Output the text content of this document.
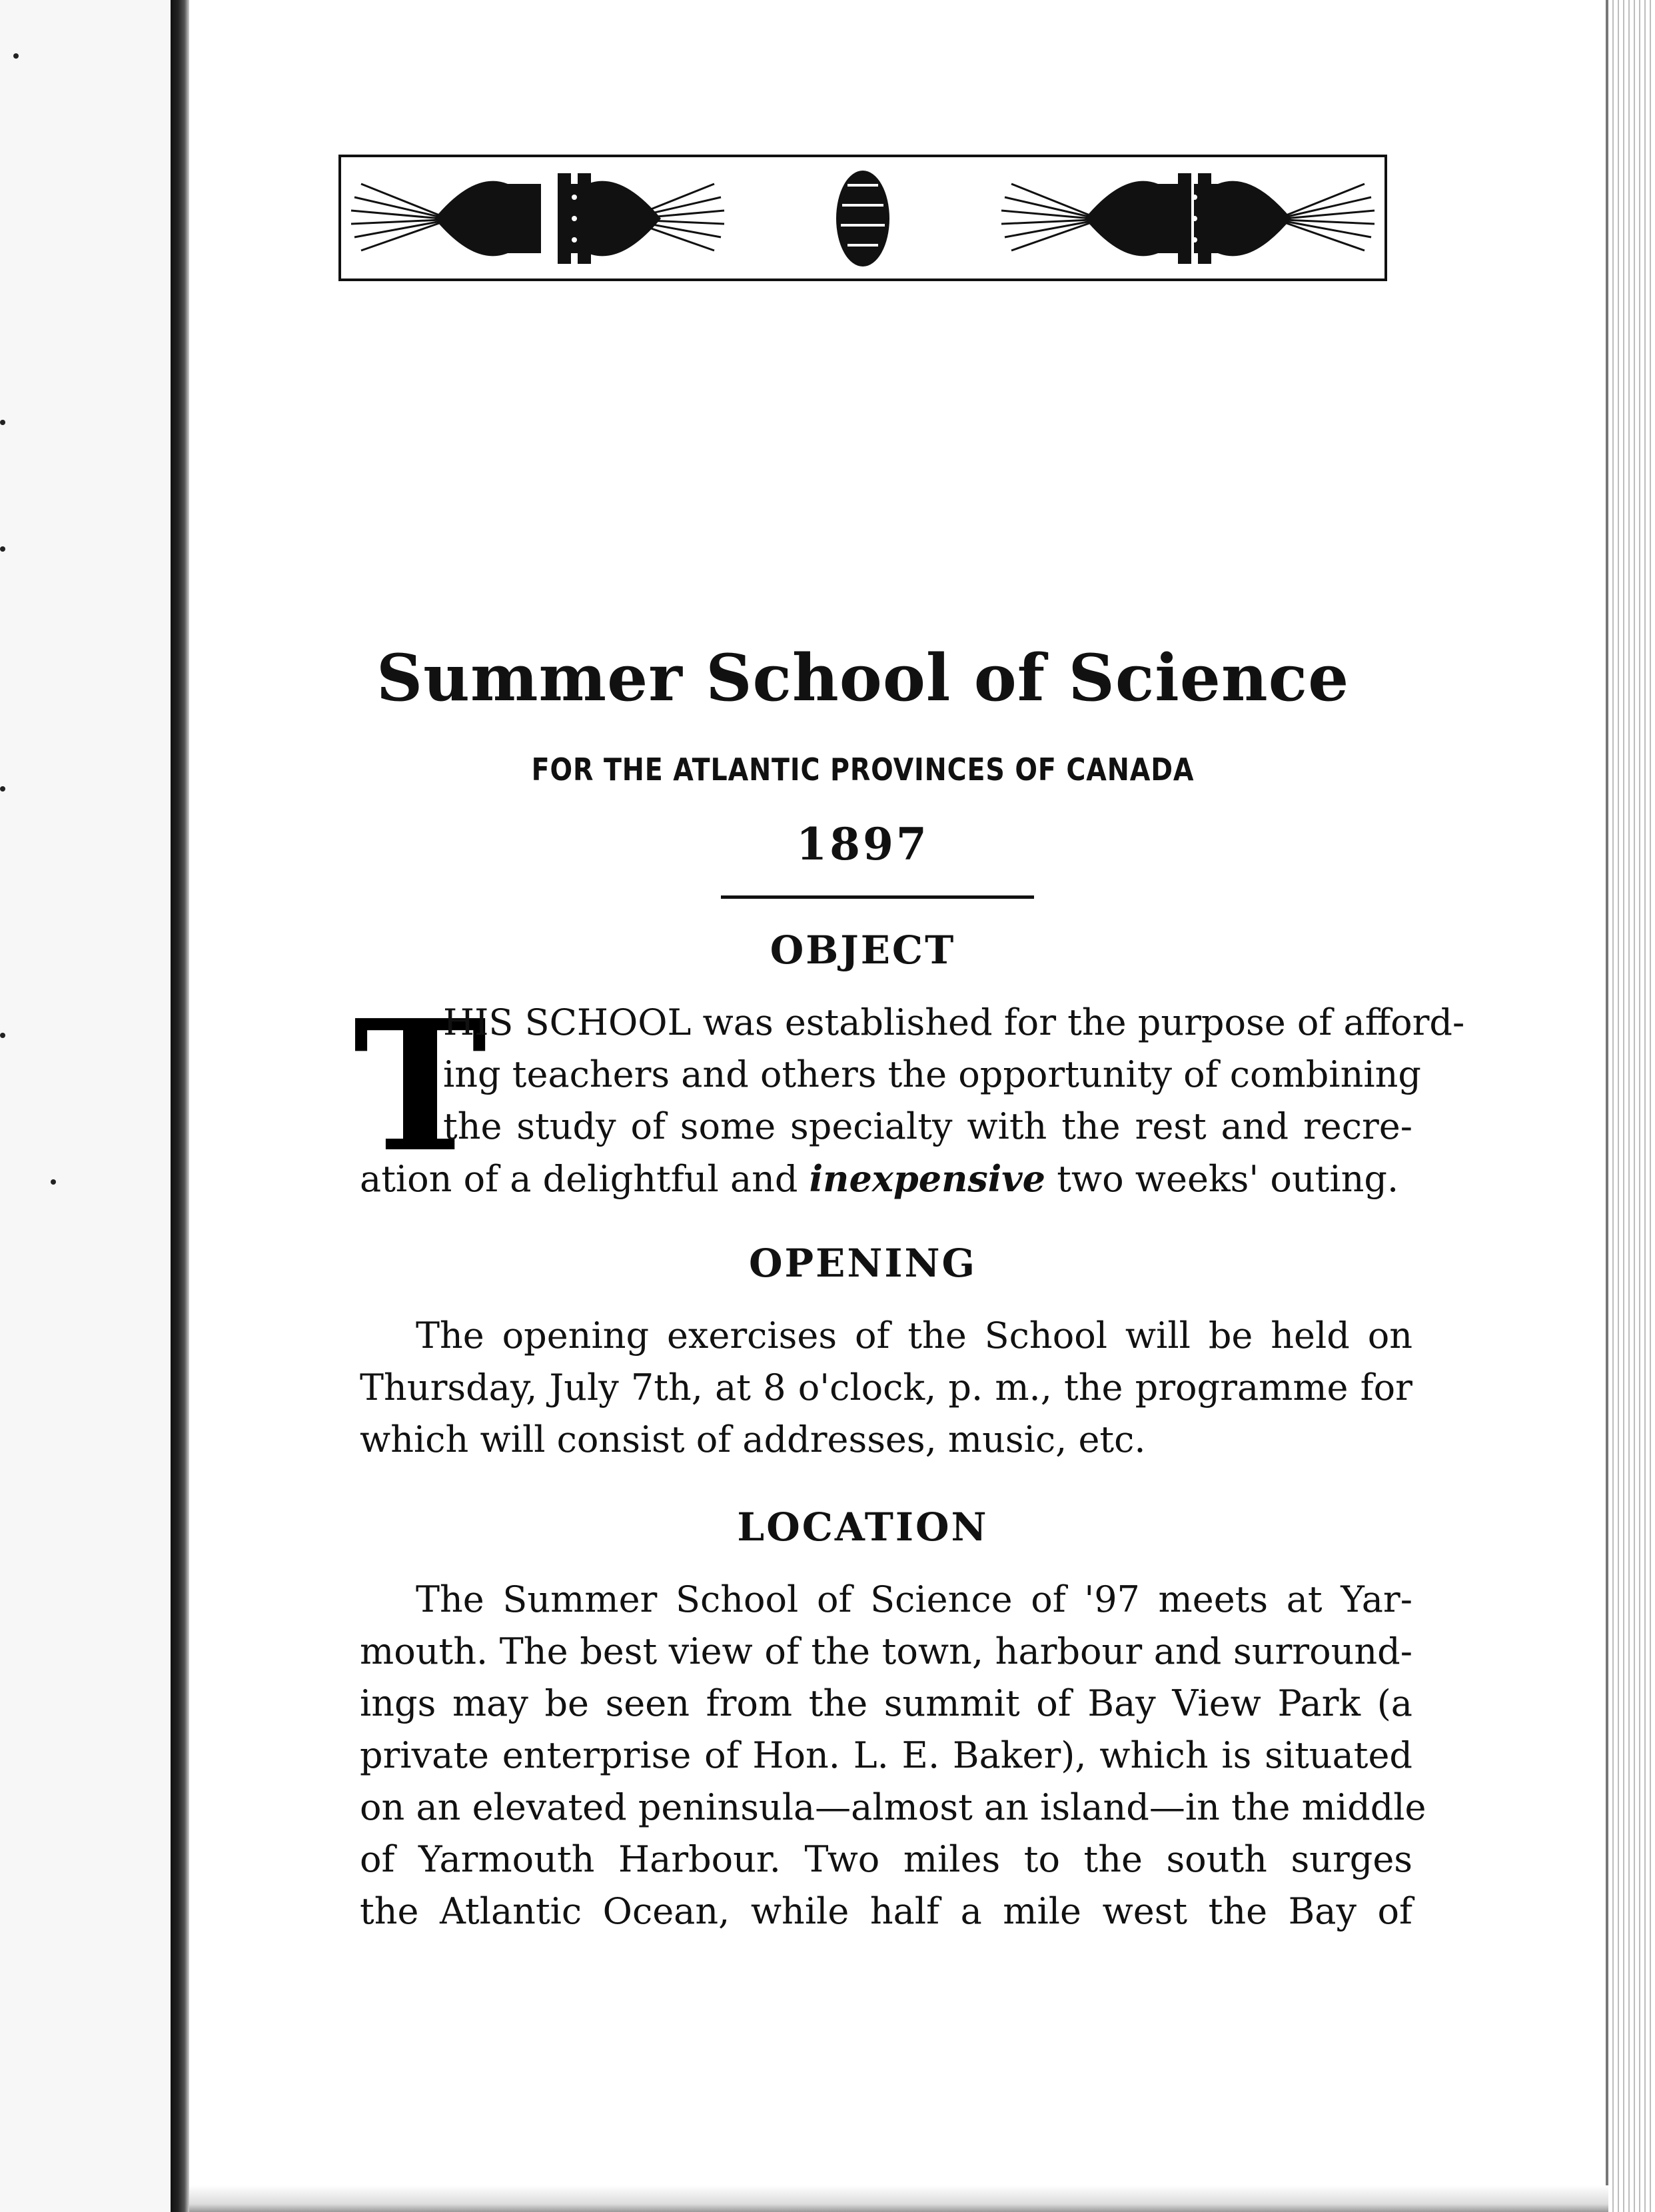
Summer School of Science
FOR THE ATLANTIC PROVINCES OF CANADA
1897
OBJECT
T
HIS SCHOOL was established for the purpose of afford-
ing teachers and others the opportunity of combining
the study of some specialty with the rest and recre-
ation of a delightful and inexpensive two weeks' outing.
OPENING
The opening exercises of the School will be held on
Thursday, July 7th, at 8 o'clock, p. m., the programme for
which will consist of addresses, music, etc.
LOCATION
The Summer School of Science of '97 meets at Yar-
mouth. The best view of the town, harbour and surround-
ings may be seen from the summit of Bay View Park (a
private enterprise of Hon. L. E. Baker), which is situated
on an elevated peninsula—almost an island—in the middle
of Yarmouth Harbour. Two miles to the south surges
the Atlantic Ocean, while half a mile west the Bay of
